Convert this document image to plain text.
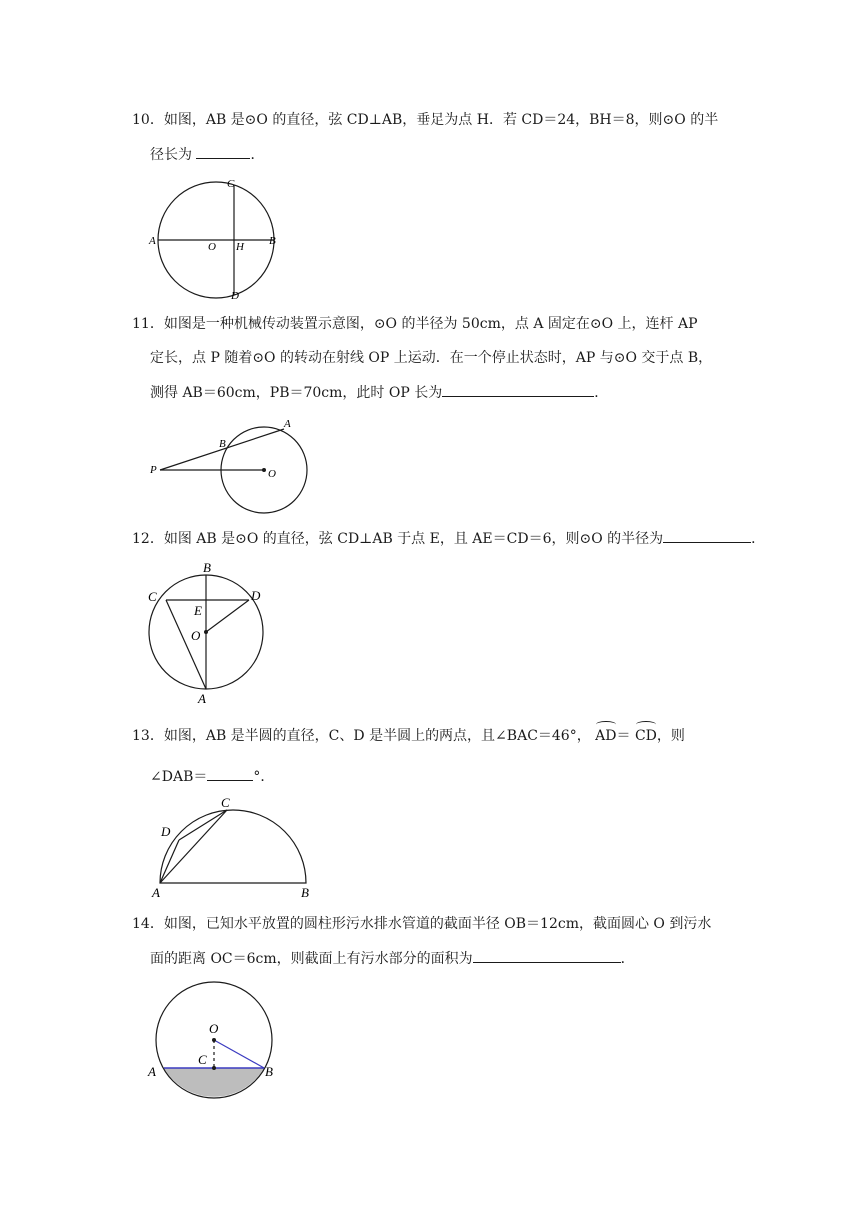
10．如图，AB 是⊙O 的直径，弦 CD⊥AB，垂足为点 H．若 CD＝24，BH＝8，则⊙O 的半
径长为	．
A	B
C
D
O H
11．如图是一种机械传动装置示意图，⊙O 的半径为 50cm，点 A 固定在⊙O 上，连杆 AP
定长，点 P 随着⊙O 的转动在射线 OP 上运动．在一个停止状态时，AP 与⊙O 交于点 B，
测得 AB＝60cm，PB＝70cm，此时 OP 长为	．
P
B
A
O
12．如图 AB 是⊙O 的直径，弦 CD⊥AB 于点 E，且 AE＝CD＝6，则⊙O 的半径为	．
B
C	D
E
O
A
13．如图，AB 是半圆的直径，C、D 是半圆上的两点，且∠BAC＝46°， AD＝ CD，则
∠DAB＝	°．
C
D
A	B
14．如图，已知水平放置的圆柱形污水排水管道的截面半径 OB＝12cm，截面圆心 O 到污水
面的距离 OC＝6cm，则截面上有污水部分的面积为	．
O
C
A	B
